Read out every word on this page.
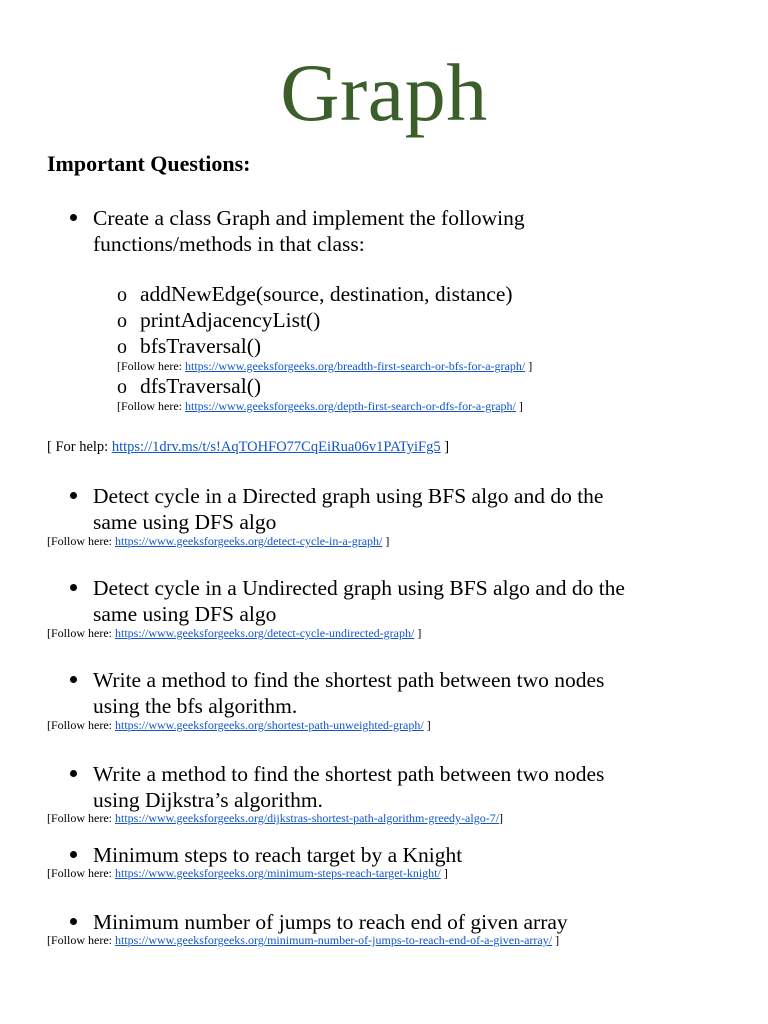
Graph
Important Questions:
Create a class Graph and implement the following
functions/methods in that class:
o addNewEdge(source, destination, distance)
o printAdjacencyList()
o bfsTraversal()
[Follow here: https://www.geeksforgeeks.org/breadth-first-search-or-bfs-for-a-graph/ ]
o dfsTraversal()
[Follow here: https://www.geeksforgeeks.org/depth-first-search-or-dfs-for-a-graph/ ]
[ For help: https://1drv.ms/t/s!AqTOHFO77CqEiRua06v1PATyiFg5 ]
Detect cycle in a Directed graph using BFS algo and do the
same using DFS algo
[Follow here: https://www.geeksforgeeks.org/detect-cycle-in-a-graph/ ]
Detect cycle in a Undirected graph using BFS algo and do the
same using DFS algo
[Follow here: https://www.geeksforgeeks.org/detect-cycle-undirected-graph/ ]
Write a method to find the shortest path between two nodes
using the bfs algorithm.
[Follow here: https://www.geeksforgeeks.org/shortest-path-unweighted-graph/ ]
Write a method to find the shortest path between two nodes
using Dijkstra’s algorithm.
[Follow here: https://www.geeksforgeeks.org/dijkstras-shortest-path-algorithm-greedy-algo-7/]
Minimum steps to reach target by a Knight
[Follow here: https://www.geeksforgeeks.org/minimum-steps-reach-target-knight/ ]
Minimum number of jumps to reach end of given array
[Follow here: https://www.geeksforgeeks.org/minimum-number-of-jumps-to-reach-end-of-a-given-array/ ]
